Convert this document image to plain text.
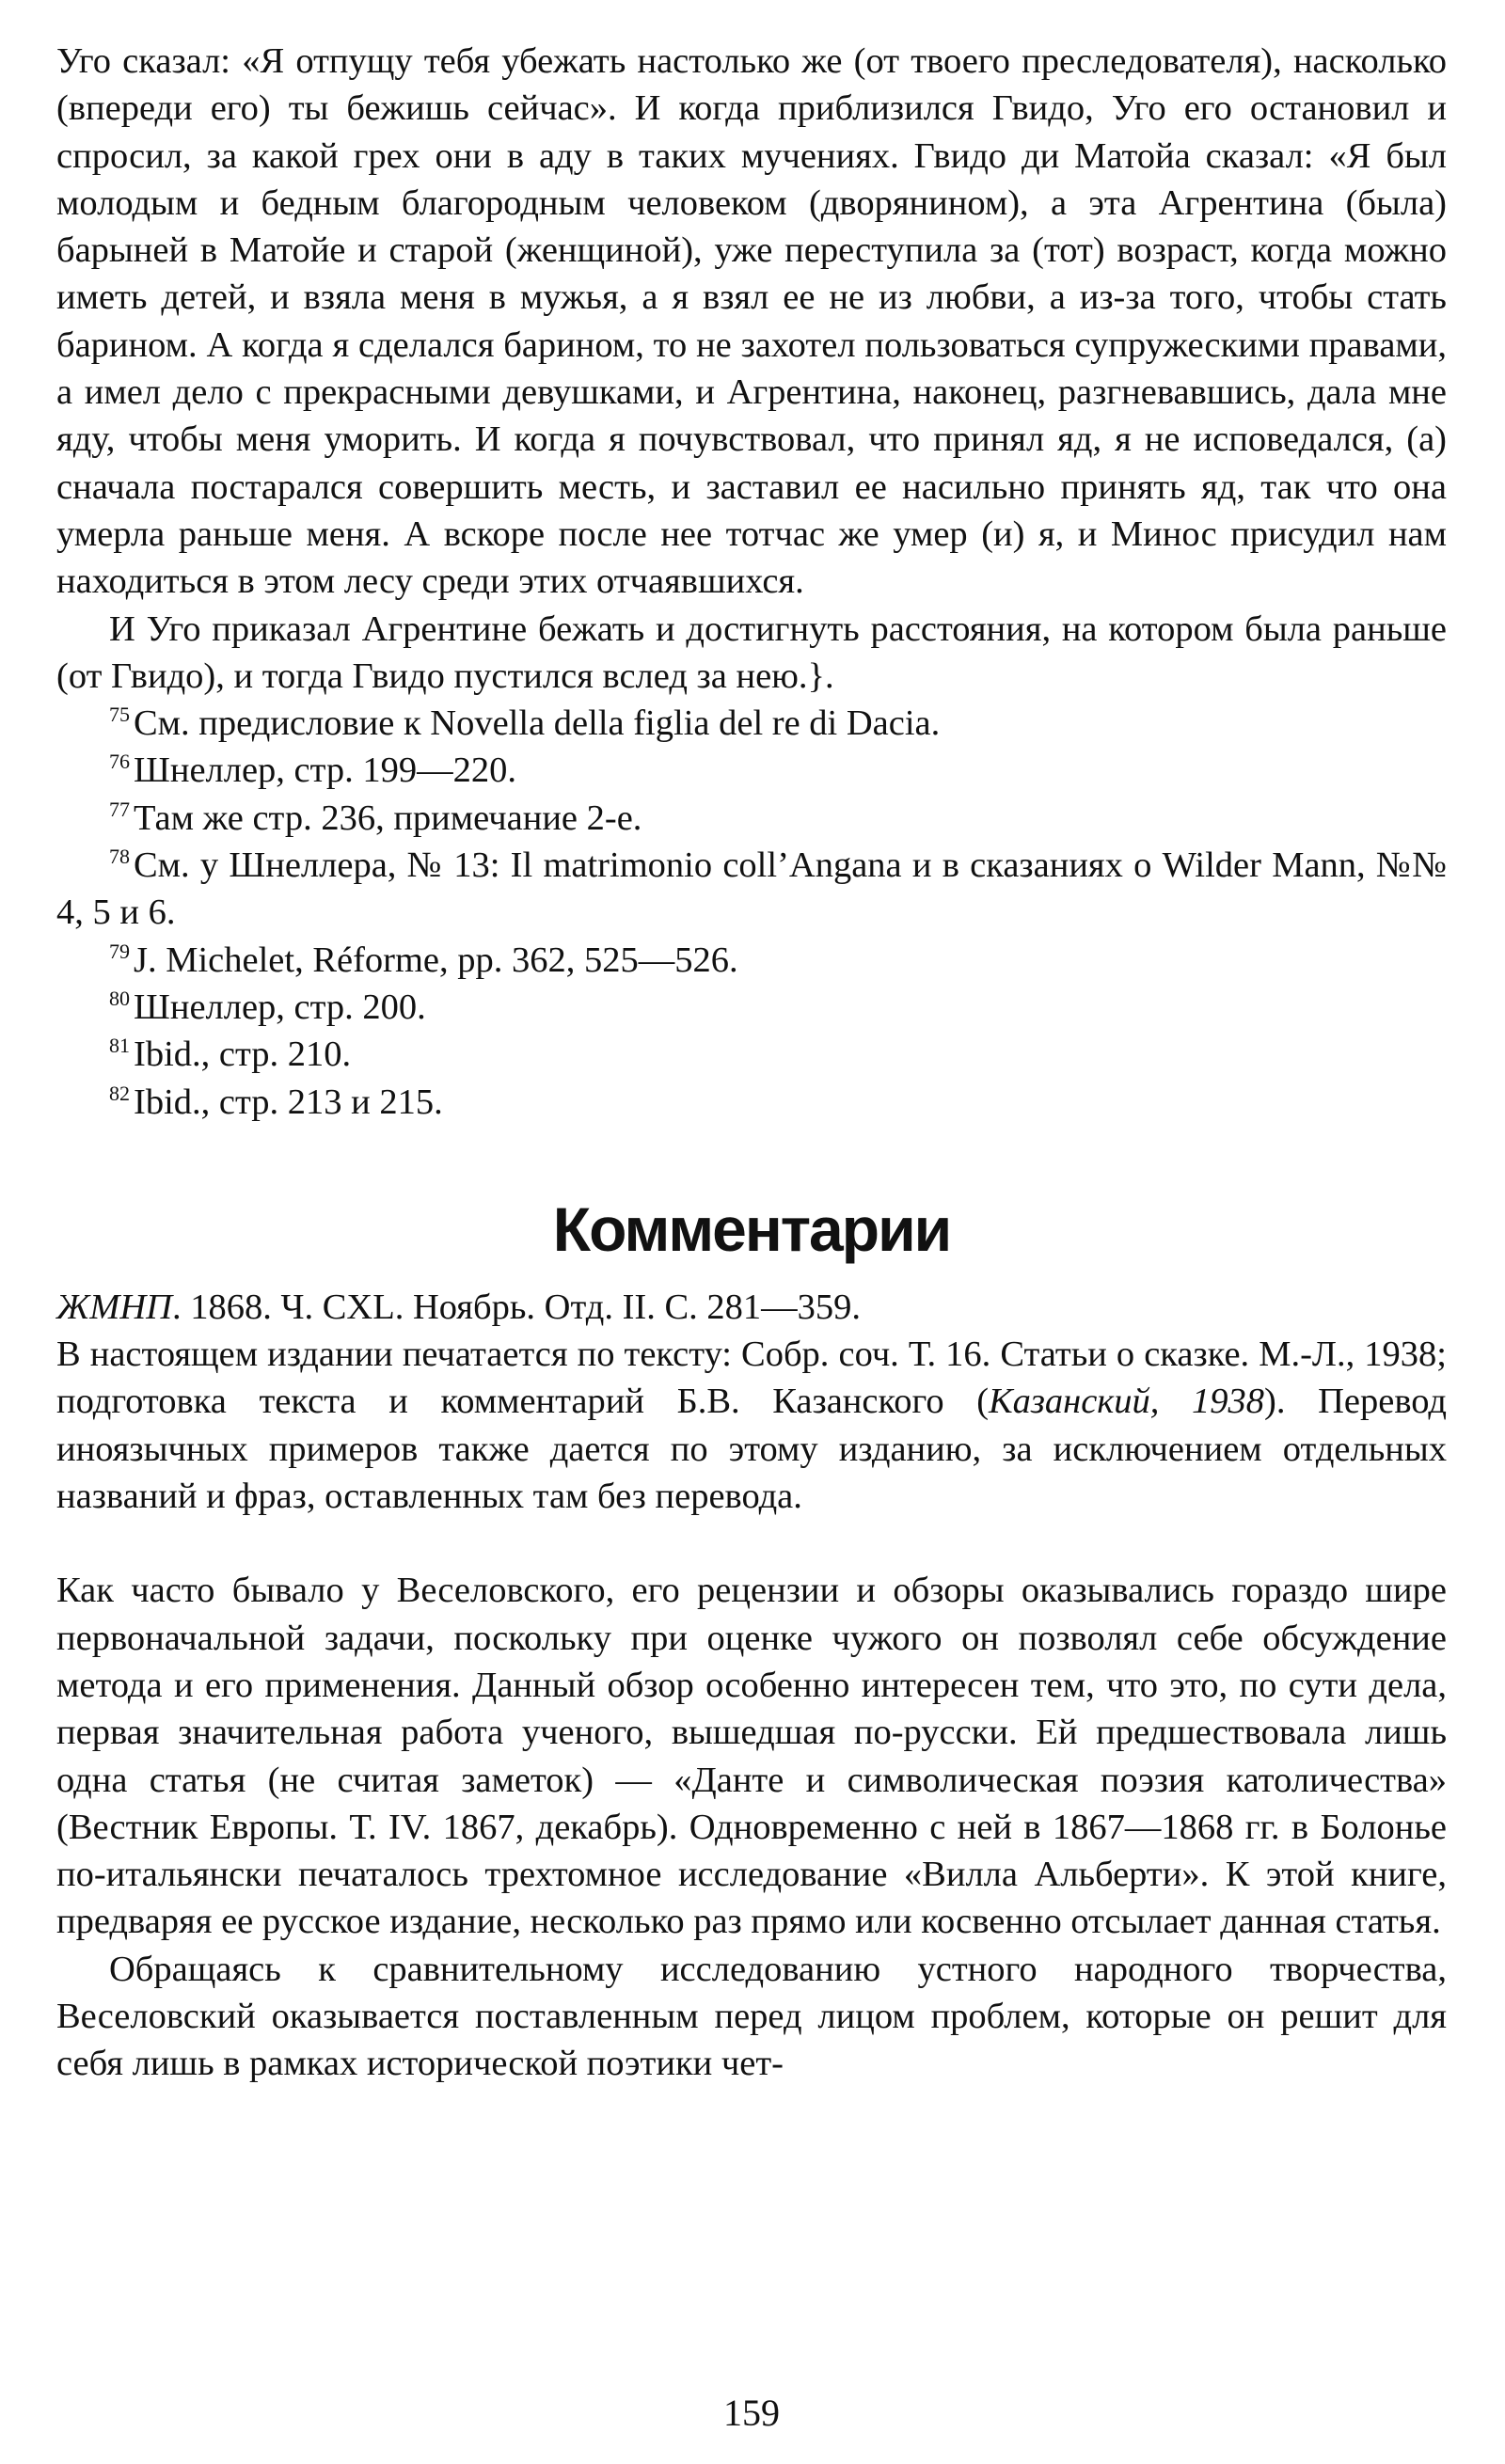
Уго сказал: «Я отпущу тебя убежать настолько же (от твоего преследователя), насколько (впереди его) ты бежишь сейчас». И когда приблизился Гвидо, Уго его остановил и спросил, за какой грех они в аду в таких мучениях. Гвидо ди Матойа сказал: «Я был молодым и бедным благородным человеком (дворянином), а эта Агрентина (была) барыней в Матойе и старой (женщиной), уже переступила за (тот) возраст, когда можно иметь детей, и взяла меня в мужья, а я взял ее не из любви, а из-за того, чтобы стать барином. А когда я сделался барином, то не захотел пользоваться супружескими правами, а имел дело с прекрасными девушками, и Агрентина, наконец, разгневавшись, дала мне яду, чтобы меня уморить. И когда я почувствовал, что принял яд, я не исповедался, (а) сначала постарался совершить месть, и заставил ее насильно принять яд, так что она умерла раньше меня. А вскоре после нее тотчас же умер (и) я, и Минос присудил нам находиться в этом лесу среди этих отчаявшихся.

И Уго приказал Агрентине бежать и достигнуть расстояния, на котором была раньше (от Гвидо), и тогда Гвидо пустился вслед за нею.}.

$^{75}$ См. предисловие к Novella della figlia del re di Dacia.
$^{76}$ Шнеллер, стр. 199—220.
$^{77}$ Там же стр. 236, примечание 2-е.
$^{78}$ См. у Шнеллера, № 13: Il matrimonio coll’Angana и в сказаниях о Wilder Mann, №№ 4, 5 и 6.
$^{79}$ J. Michelet, Réforme, pp. 362, 525—526.
$^{80}$ Шнеллер, стр. 200.
$^{81}$ Ibid., стр. 210.
$^{82}$ Ibid., стр. 213 и 215.
Комментарии

ЖМНП. 1868. Ч. CXL. Ноябрь. Отд. II. С. 281—359.

В настоящем издании печатается по тексту: Собр. соч. Т. 16. Статьи о сказке. М.-Л., 1938; подготовка текста и комментарий Б.В. Казанского (Казанский, 1938). Перевод иноязычных примеров также дается по этому изданию, за исключением отдельных названий и фраз, оставленных там без перевода.

Как часто бывало у Веселовского, его рецензии и обзоры оказывались гораздо шире первоначальной задачи, поскольку при оценке чужого он позволял себе обсуждение метода и его применения. Данный обзор особенно интересен тем, что это, по сути дела, первая значительная работа ученого, вышедшая по-русски. Ей предшествовала лишь одна статья (не считая заметок) — «Данте и символическая поэзия католичества» (Вестник Европы. Т. IV. 1867, декабрь). Одновременно с ней в 1867—1868 гг. в Болонье по-итальянски печаталось трехтомное исследование «Вилла Альберти». К этой книге, предваряя ее русское издание, несколько раз прямо или косвенно отсылает данная статья.

Обращаясь к сравнительному исследованию устного народного творчества, Веселовский оказывается поставленным перед лицом проблем, которые он решит для себя лишь в рамках исторической поэтики чет-

159
